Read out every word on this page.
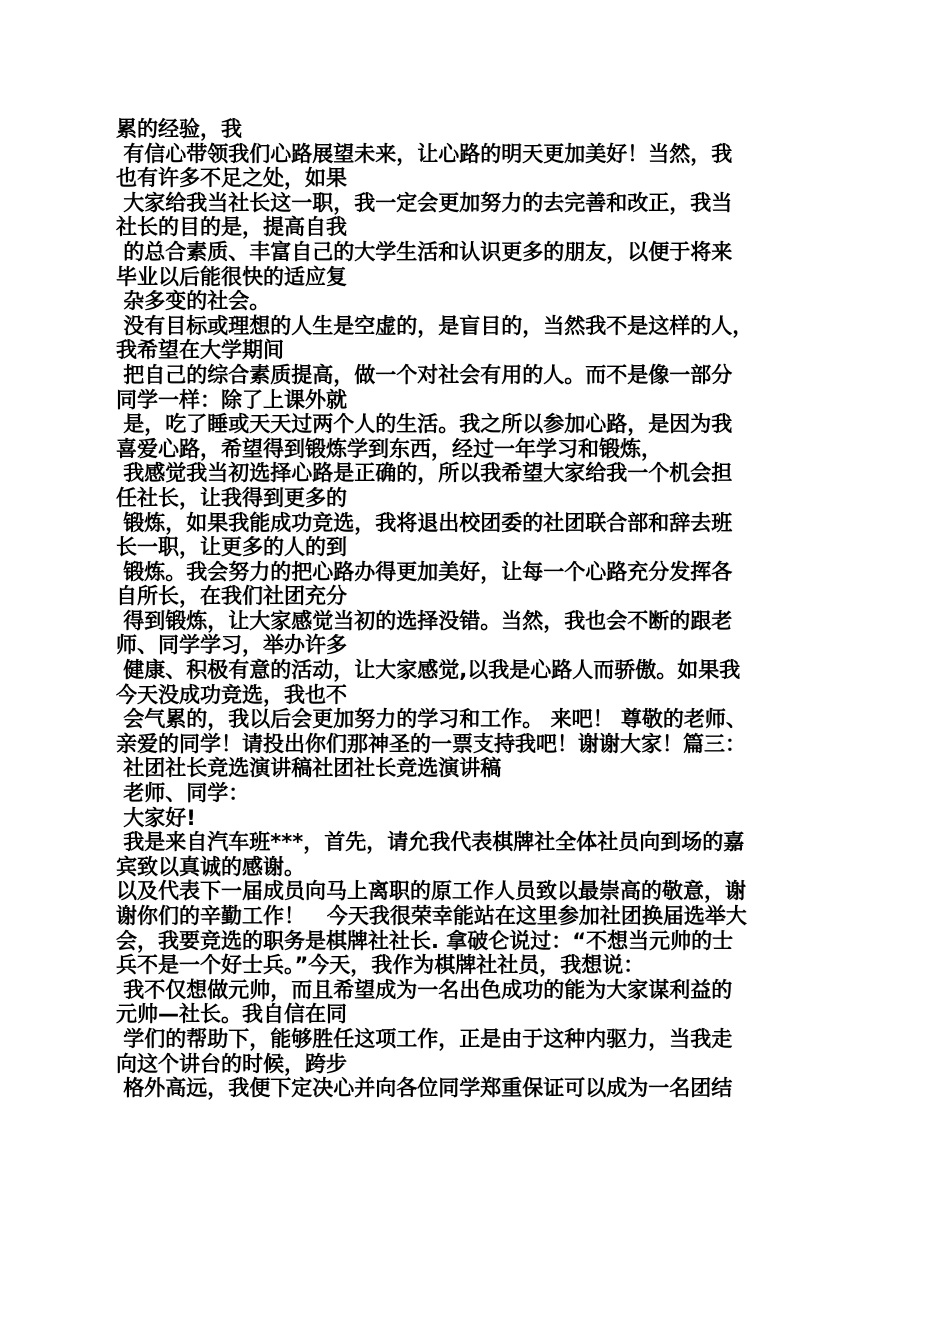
累的经验，我
有信心带领我们心路展望未来，让心路的明天更加美好！当然，我
也有许多不足之处，如果
大家给我当社长这一职，我一定会更加努力的去完善和改正，我当
社长的目的是，提高自我
的总合素质、丰富自己的大学生活和认识更多的朋友，以便于将来
毕业以后能很快的适应复
杂多变的社会。
没有目标或理想的人生是空虚的，是盲目的，当然我不是这样的人，
我希望在大学期间
把自己的综合素质提高，做一个对社会有用的人。而不是像一部分
同学一样：除了上课外就
是，吃了睡或天天过两个人的生活。我之所以参加心路，是因为我
喜爱心路，希望得到锻炼学到东西，经过一年学习和锻炼，
我感觉我当初选择心路是正确的，所以我希望大家给我一个机会担
任社长，让我得到更多的
锻炼，如果我能成功竞选，我将退出校团委的社团联合部和辞去班
长一职，让更多的人的到
锻炼。我会努力的把心路办得更加美好，让每一个心路充分发挥各
自所长，在我们社团充分
得到锻炼，让大家感觉当初的选择没错。当然，我也会不断的跟老
师、同学学习，举办许多
健康、积极有意的活动，让大家感觉,以我是心路人而骄傲。如果我
今天没成功竞选，我也不
会气累的，我以后会更加努力的学习和工作。 来吧！ 尊敬的老师、
亲爱的同学！请投出你们那神圣的一票支持我吧！谢谢大家！篇三：
社团社长竞选演讲稿社团社长竞选演讲稿
老师、同学：
大家好!
我是来自汽车班***，首先，请允我代表棋牌社全体社员向到场的嘉
宾致以真诚的感谢。
以及代表下一届成员向马上离职的原工作人员致以最崇高的敬意，谢
谢你们的辛勤工作！   今天我很荣幸能站在这里参加社团换届选举大
会，我要竞选的职务是棋牌社社长. 拿破仑说过：“不想当元帅的士
兵不是一个好士兵。”今天，我作为棋牌社社员，我想说：
我不仅想做元帅，而且希望成为一名出色成功的能为大家谋利益的
元帅—社长。我自信在同
学们的帮助下，能够胜任这项工作，正是由于这种内驱力，当我走
向这个讲台的时候，跨步
格外高远，我便下定决心并向各位同学郑重保证可以成为一名团结
